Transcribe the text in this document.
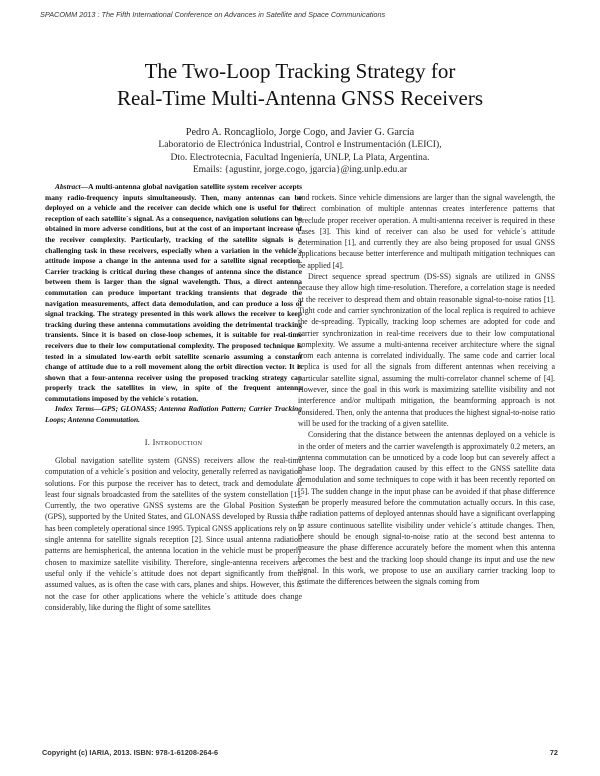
SPACOMM 2013 : The Fifth International Conference on Advances in Satellite and Space Communications
The Two-Loop Tracking Strategy for
Real-Time Multi-Antenna GNSS Receivers
Pedro A. Roncagliolo, Jorge Cogo, and Javier G. García
Laboratorio de Electrónica Industrial, Control e Instrumentación (LEICI),
Dto. Electrotecnia, Facultad Ingeniería, UNLP, La Plata, Argentina.
Emails: {agustinr, jorge.cogo, jgarcia}@ing.unlp.edu.ar

Abstract—A multi-antenna global navigation satellite system receiver accepts many radio-frequency inputs simultaneously. Then, many antennas can be deployed on a vehicle and the receiver can decide which one is useful for the reception of each satellite´s signal. As a consequence, navigation solutions can be obtained in more adverse conditions, but at the cost of an important increase of the receiver complexity. Particularly, tracking of the satellite signals is a challenging task in these receivers, especially when a variation in the vehicle´s attitude impose a change in the antenna used for a satellite signal reception. Carrier tracking is critical during these changes of antenna since the distance between them is larger than the signal wavelength. Thus, a direct antenna commutation can produce important tracking transients that degrade the navigation measurements, affect data demodulation, and can produce a loss of signal tracking. The strategy presented in this work allows the receiver to keep tracking during these antenna commutations avoiding the detrimental tracking transients. Since it is based on close-loop schemes, it is suitable for real-time receivers due to their low computational complexity. The proposed technique is tested in a simulated low-earth orbit satellite scenario assuming a constant change of attitude due to a roll movement along the orbit direction vector. It is shown that a four-antenna receiver using the proposed tracking strategy can properly track the satellites in view, in spite of the frequent antenna commutations imposed by the vehicle´s rotation.

Index Terms—GPS; GLONASS; Antenna Radiation Pattern; Carrier Tracking Loops; Antenna Commutation.

I. Introduction

Global navigation satellite system (GNSS) receivers allow the real-time computation of a vehicle´s position and velocity, generally referred as navigation solutions. For this purpose the receiver has to detect, track and demodulate at least four signals broadcasted from the satellites of the system constellation [1]. Currently, the two operative GNSS systems are the Global Position System (GPS), supported by the United States, and GLONASS developed by Russia that has been completely operational since 1995. Typical GNSS applications rely on a single antenna for satellite signals reception [2]. Since usual antenna radiation patterns are hemispherical, the antenna location in the vehicle must be properly chosen to maximize satellite visibility. Therefore, single-antenna receivers are useful only if the vehicle´s attitude does not depart significantly from their assumed values, as is often the case with cars, planes and ships. However, this is not the case for other applications where the vehicle´s attitude does change considerably, like during the flight of some satellites

and rockets. Since vehicle dimensions are larger than the signal wavelength, the direct combination of multiple antennas creates interference patterns that preclude proper receiver operation. A multi-antenna receiver is required in these cases [3]. This kind of receiver can also be used for vehicle´s attitude determination [1], and currently they are also being proposed for usual GNSS applications because better interference and multipath mitigation techniques can be applied [4].

Direct sequence spread spectrum (DS-SS) signals are utilized in GNSS because they allow high time-resolution. Therefore, a correlation stage is needed at the receiver to despread them and obtain reasonable signal-to-noise ratios [1]. Tight code and carrier synchronization of the local replica is required to achieve the de-spreading. Typically, tracking loop schemes are adopted for code and carrier synchronization in real-time receivers due to their low computational complexity. We assume a multi-antenna receiver architecture where the signal from each antenna is correlated individually. The same code and carrier local replica is used for all the signals from different antennas when receiving a particular satellite signal, assuming the multi-correlator channel scheme of [4]. However, since the goal in this work is maximizing satellite visibility and not interference and/or multipath mitigation, the beamforming approach is not considered. Then, only the antenna that produces the highest signal-to-noise ratio will be used for the tracking of a given satellite.

Considering that the distance between the antennas deployed on a vehicle is in the order of meters and the carrier wavelength is approximately 0.2 meters, an antenna commutation can be unnoticed by a code loop but can severely affect a phase loop. The degradation caused by this effect to the GNSS satellite data demodulation and some techniques to cope with it has been recently reported on [5]. The sudden change in the input phase can be avoided if that phase difference can be properly measured before the commutation actually occurs. In this case, the radiation patterns of deployed antennas should have a significant overlapping to assure continuous satellite visibility under vehicle´s attitude changes. Then, there should be enough signal-to-noise ratio at the second best antenna to measure the phase difference accurately before the moment when this antenna becomes the best and the tracking loop should change its input and use the new signal. In this work, we propose to use an auxiliary carrier tracking loop to estimate the differences between the signals coming from

Copyright (c) IARIA, 2013. ISBN: 978-1-61208-264-6	72
